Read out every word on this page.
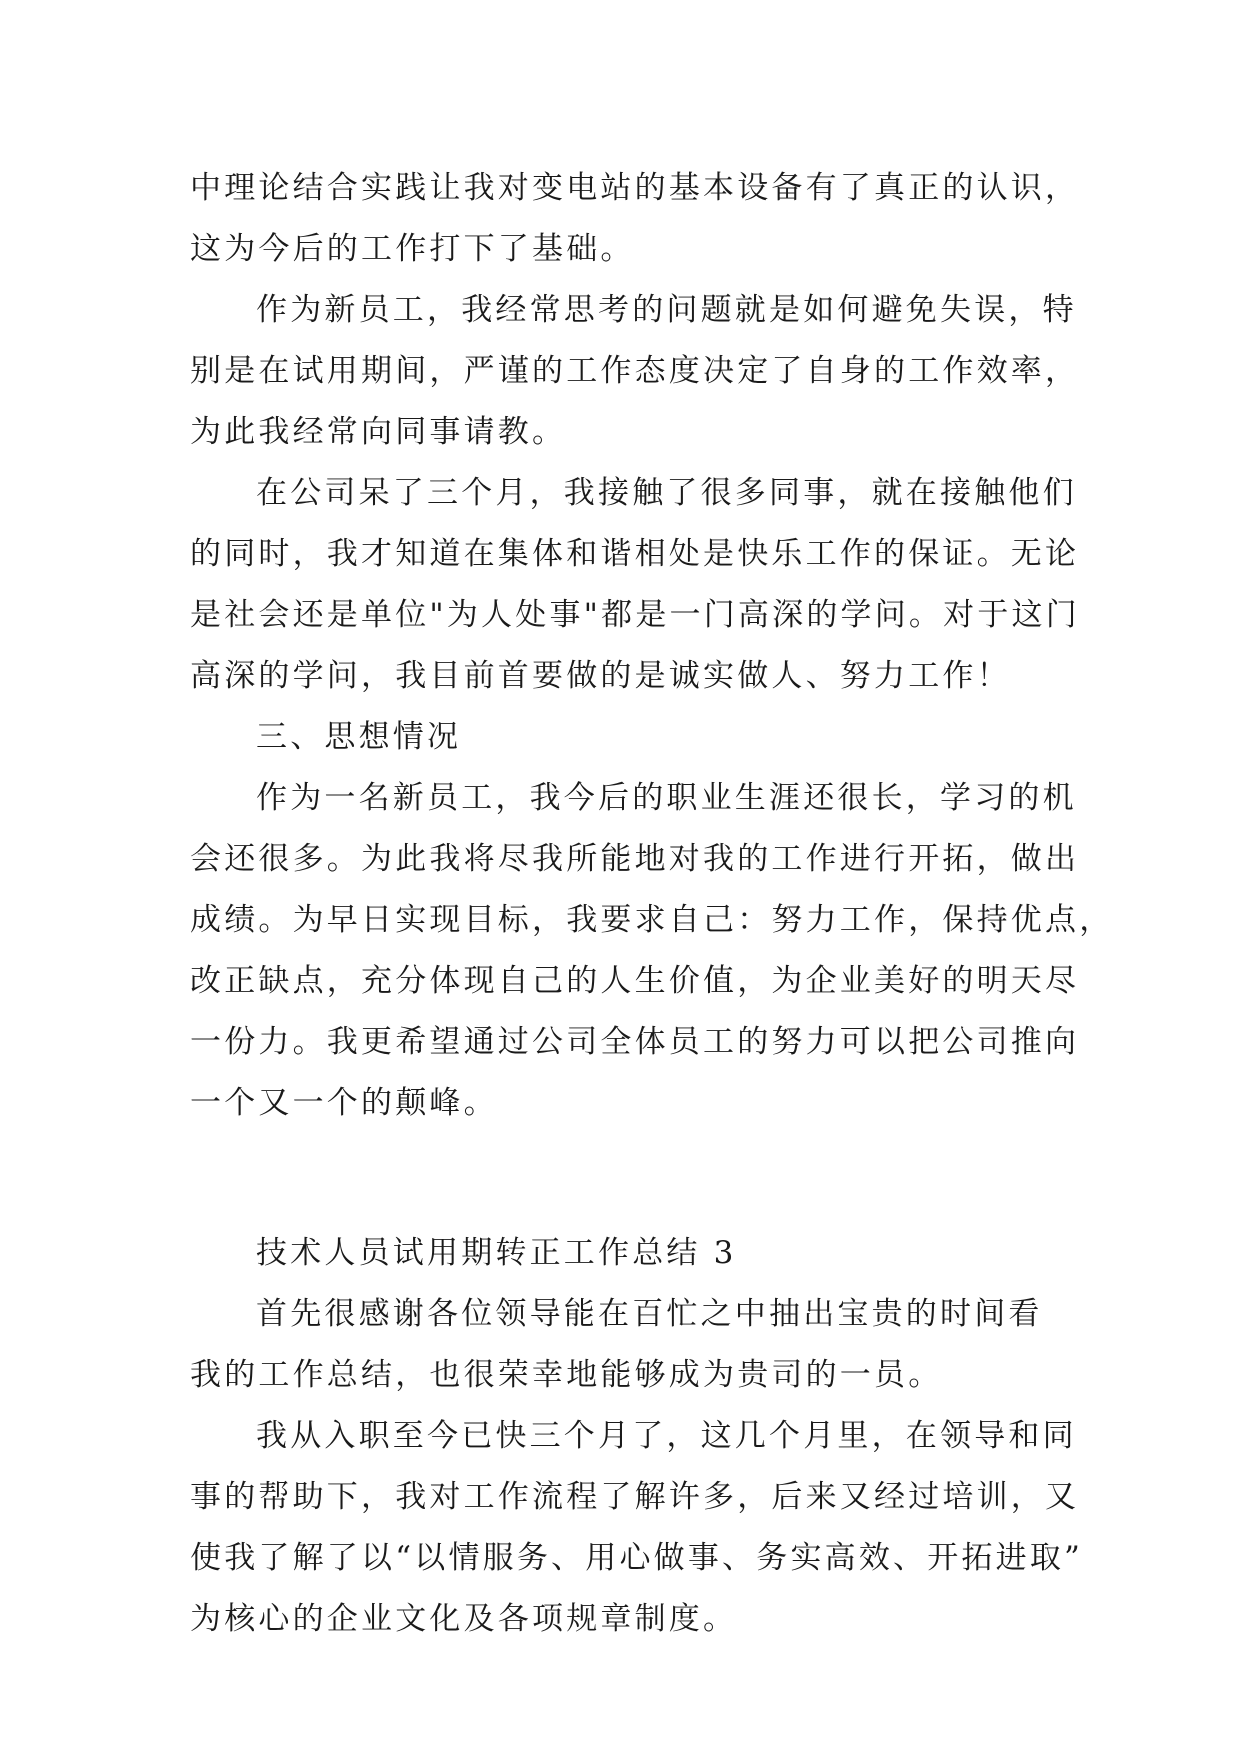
中理论结合实践让我对变电站的基本设备有了真正的认识，
这为今后的工作打下了基础。
作为新员工，我经常思考的问题就是如何避免失误，特
别是在试用期间，严谨的工作态度决定了自身的工作效率，
为此我经常向同事请教。
在公司呆了三个月，我接触了很多同事，就在接触他们
的同时，我才知道在集体和谐相处是快乐工作的保证。无论
是社会还是单位"为人处事"都是一门高深的学问。对于这门
高深的学问，我目前首要做的是诚实做人、努力工作！
三、思想情况
作为一名新员工，我今后的职业生涯还很长，学习的机
会还很多。为此我将尽我所能地对我的工作进行开拓，做出
成绩。为早日实现目标，我要求自己：努力工作，保持优点，
改正缺点，充分体现自己的人生价值，为企业美好的明天尽
一份力。我更希望通过公司全体员工的努力可以把公司推向
一个又一个的颠峰。
技术人员试用期转正工作总结 3
首先很感谢各位领导能在百忙之中抽出宝贵的时间看
我的工作总结，也很荣幸地能够成为贵司的一员。
我从入职至今已快三个月了，这几个月里，在领导和同
事的帮助下，我对工作流程了解许多，后来又经过培训，又
使我了解了以“以情服务、用心做事、务实高效、开拓进取”
为核心的企业文化及各项规章制度。
